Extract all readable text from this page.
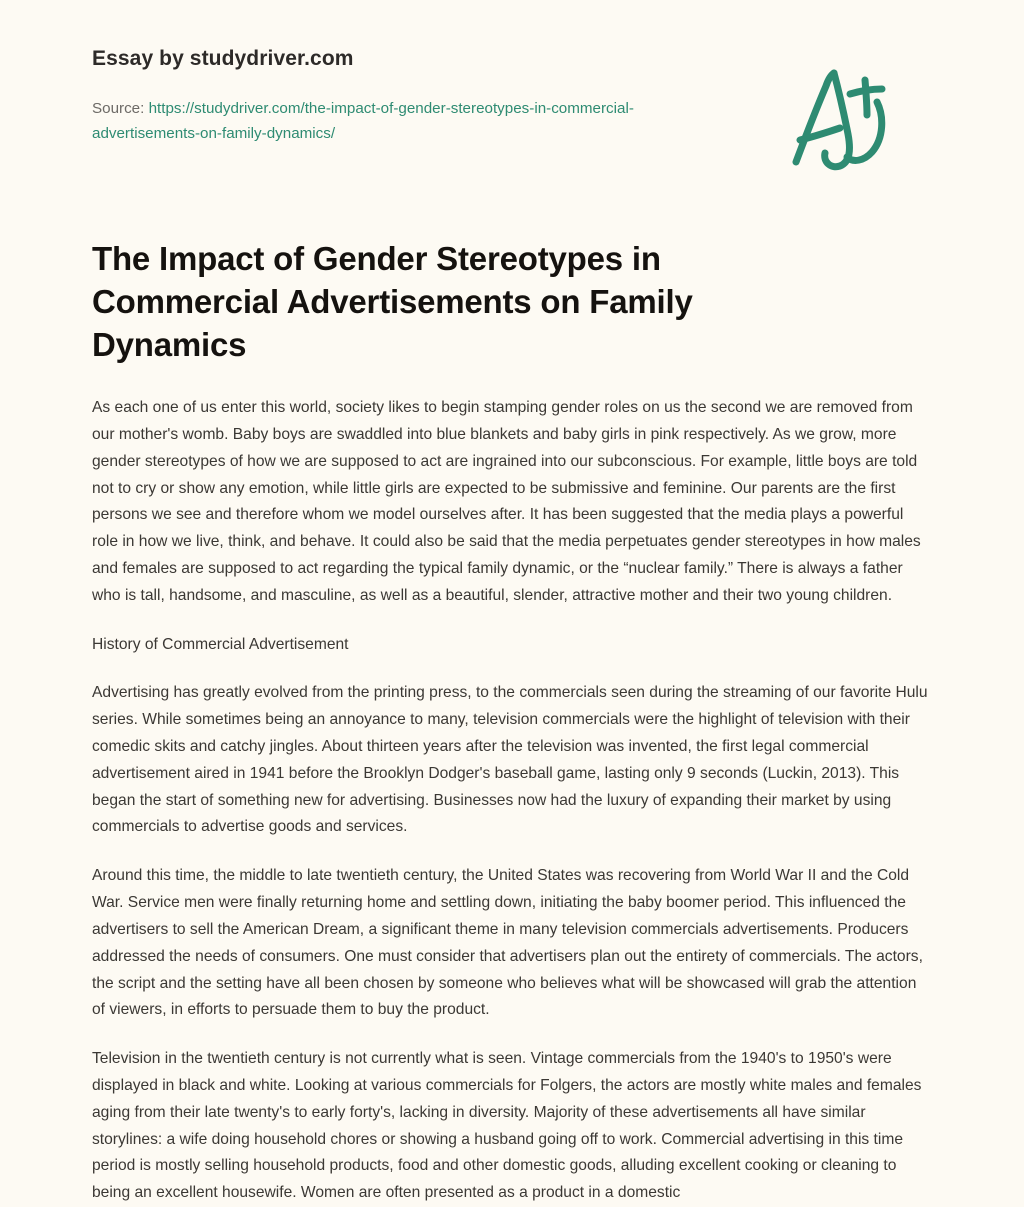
Essay by studydriver.com

Source: https://studydriver.com/the-impact-of-gender-stereotypes-in-commercial-advertisements-on-family-dynamics/

The Impact of Gender Stereotypes in Commercial Advertisements on Family Dynamics

As each one of us enter this world, society likes to begin stamping gender roles on us the second we are removed from our mother's womb. Baby boys are swaddled into blue blankets and baby girls in pink respectively. As we grow, more gender stereotypes of how we are supposed to act are ingrained into our subconscious. For example, little boys are told not to cry or show any emotion, while little girls are expected to be submissive and feminine. Our parents are the first persons we see and therefore whom we model ourselves after. It has been suggested that the media plays a powerful role in how we live, think, and behave. It could also be said that the media perpetuates gender stereotypes in how males and females are supposed to act regarding the typical family dynamic, or the “nuclear family.” There is always a father who is tall, handsome, and masculine, as well as a beautiful, slender, attractive mother and their two young children.

History of Commercial Advertisement

Advertising has greatly evolved from the printing press, to the commercials seen during the streaming of our favorite Hulu series. While sometimes being an annoyance to many, television commercials were the highlight of television with their comedic skits and catchy jingles. About thirteen years after the television was invented, the first legal commercial advertisement aired in 1941 before the Brooklyn Dodger's baseball game, lasting only 9 seconds (Luckin, 2013). This began the start of something new for advertising. Businesses now had the luxury of expanding their market by using commercials to advertise goods and services.

Around this time, the middle to late twentieth century, the United States was recovering from World War II and the Cold War. Service men were finally returning home and settling down, initiating the baby boomer period. This influenced the advertisers to sell the American Dream, a significant theme in many television commercials advertisements. Producers addressed the needs of consumers. One must consider that advertisers plan out the entirety of commercials. The actors, the script and the setting have all been chosen by someone who believes what will be showcased will grab the attention of viewers, in efforts to persuade them to buy the product.

Television in the twentieth century is not currently what is seen. Vintage commercials from the 1940's to 1950's were displayed in black and white. Looking at various commercials for Folgers, the actors are mostly white males and females aging from their late twenty's to early forty's, lacking in diversity. Majority of these advertisements all have similar storylines: a wife doing household chores or showing a husband going off to work. Commercial advertising in this time period is mostly selling household products, food and other domestic goods, alluding excellent cooking or cleaning to being an excellent housewife. Women are often presented as a product in a domestic
